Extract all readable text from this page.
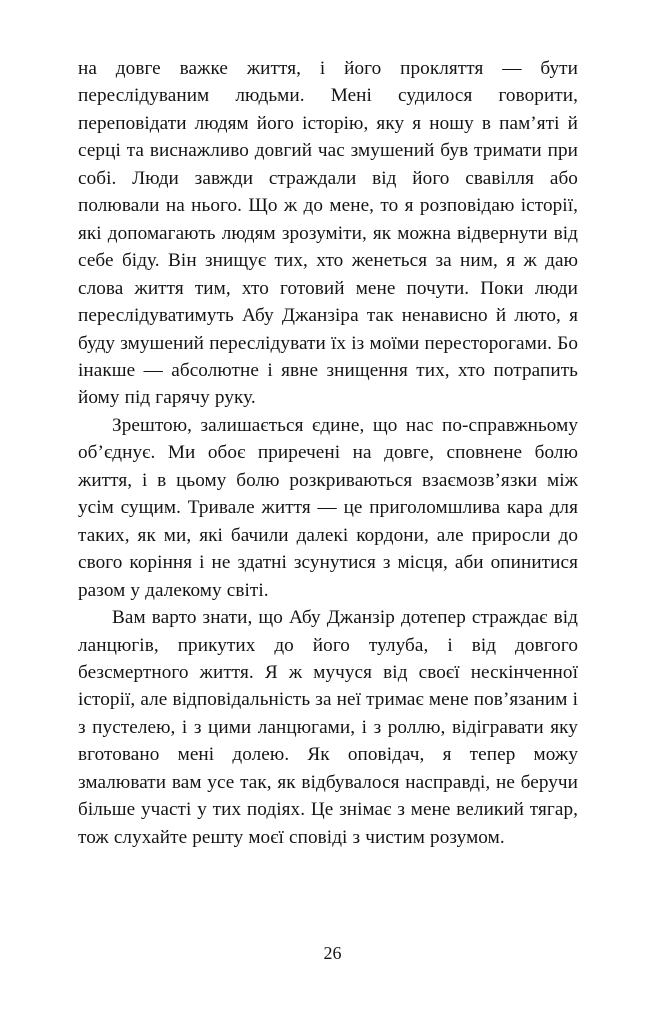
на довге важке життя, і його прокляття — бути переслідуваним людьми. Мені судилося говорити, переповідати людям його історію, яку я ношу в пам’яті й серці та виснажливо довгий час змушений був тримати при собі. Люди завжди страждали від його свавілля або полювали на нього. Що ж до мене, то я розповідаю історії, які допомагають людям зрозуміти, як можна відвернути від себе біду. Він знищує тих, хто женеться за ним, я ж даю слова життя тим, хто готовий мене почути. Поки люди переслідуватимуть Абу Джанзіра так ненависно й люто, я буду змушений переслідувати їх із моїми пересторогами. Бо інакше — абсолютне і явне знищення тих, хто потрапить йому під гарячу руку.

Зрештою, залишається єдине, що нас по-справжньому об’єднує. Ми обоє приречені на довге, сповнене болю життя, і в цьому болю розкриваються взаємозв’язки між усім сущим. Тривале життя — це приголомшлива кара для таких, як ми, які бачили далекі кордони, але приросли до свого коріння і не здатні зсунутися з місця, аби опинитися разом у далекому світі.

Вам варто знати, що Абу Джанзір дотепер страждає від ланцюгів, прикутих до його тулуба, і від довгого безсмертного життя. Я ж мучуся від своєї нескінченної історії, але відповідальність за неї тримає мене пов’язаним і з пустелею, і з цими ланцюгами, і з роллю, відігравати яку вготовано мені долею. Як оповідач, я тепер можу змалювати вам усе так, як відбувалося насправді, не беручи більше участі у тих подіях. Це знімає з мене великий тягар, тож слухайте решту моєї сповіді з чистим розумом.

26
